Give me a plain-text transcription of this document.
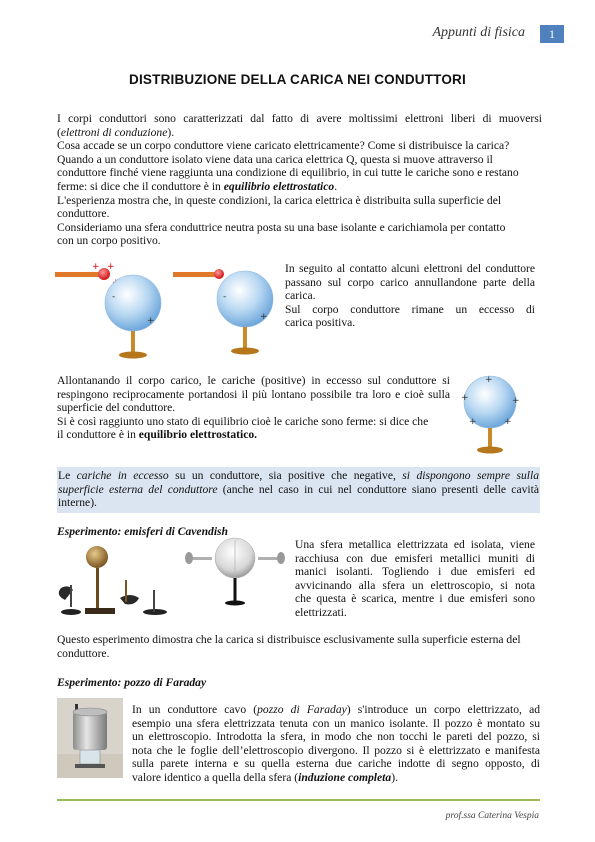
Appunti di fisica	1
DISTRIBUZIONE DELLA CARICA NEI CONDUTTORI

I corpi conduttori sono caratterizzati dal fatto di avere moltissimi elettroni liberi di muoversi

(elettroni di conduzione).

Cosa accade se un corpo conduttore viene caricato elettricamente? Come si distribuisce la carica?

Quando a un conduttore isolato viene data una carica elettrica Q, questa si muove attraverso il

conduttore finché viene raggiunta una condizione di equilibrio, in cui tutte le cariche sono e restano

ferme: si dice che il conduttore è in equilibrio elettrostatico.

L'esperienza mostra che, in queste condizioni, la carica elettrica è distribuita sulla superficie del

conduttore.

Consideriamo una sfera conduttrice neutra posta su una base isolante e carichiamola per contatto

con un corpo positivo.

+ +
-
+
-
+

In seguito al contatto alcuni elettroni del conduttore

passano sul corpo carico annullandone parte della

carica.

Sul corpo conduttore rimane un eccesso di

carica positiva.

Allontanando il corpo carico, le cariche (positive) in eccesso sul conduttore si

respingono reciprocamente portandosi il più lontano possibile tra loro e cioè sulla

superficie del conduttore.

Si è così raggiunto uno stato di equilibrio cioè le cariche sono ferme: si dice che

il conduttore è in equilibrio elettrostatico.

+
+	+
+	+

Le cariche in eccesso su un conduttore, sia positive che negative, si dispongono sempre sulla

superficie esterna del conduttore (anche nel caso in cui nel conduttore siano presenti delle cavità

interne).

Esperimento: emisferi di Cavendish

Una sfera metallica elettrizzata ed isolata, viene

racchiusa con due emisferi metallici muniti di

manici isolanti. Togliendo i due emisferi ed

avvicinando alla sfera un elettroscopio, si nota

che questa è scarica, mentre i due emisferi sono

elettrizzati.

Questo esperimento dimostra che la carica si distribuisce esclusivamente sulla superficie esterna del

conduttore.

Esperimento: pozzo di Faraday

In un conduttore cavo (pozzo di Faraday) s'introduce un corpo elettrizzato, ad

esempio una sfera elettrizzata tenuta con un manico isolante. Il pozzo è montato su

un elettroscopio. Introdotta la sfera, in modo che non tocchi le pareti del pozzo, si

nota che le foglie dell’elettroscopio divergono. Il pozzo si è elettrizzato e manifesta

sulla parete interna e su quella esterna due cariche indotte di segno opposto, di

valore identico a quella della sfera (induzione completa).

prof.ssa Caterina Vespia
